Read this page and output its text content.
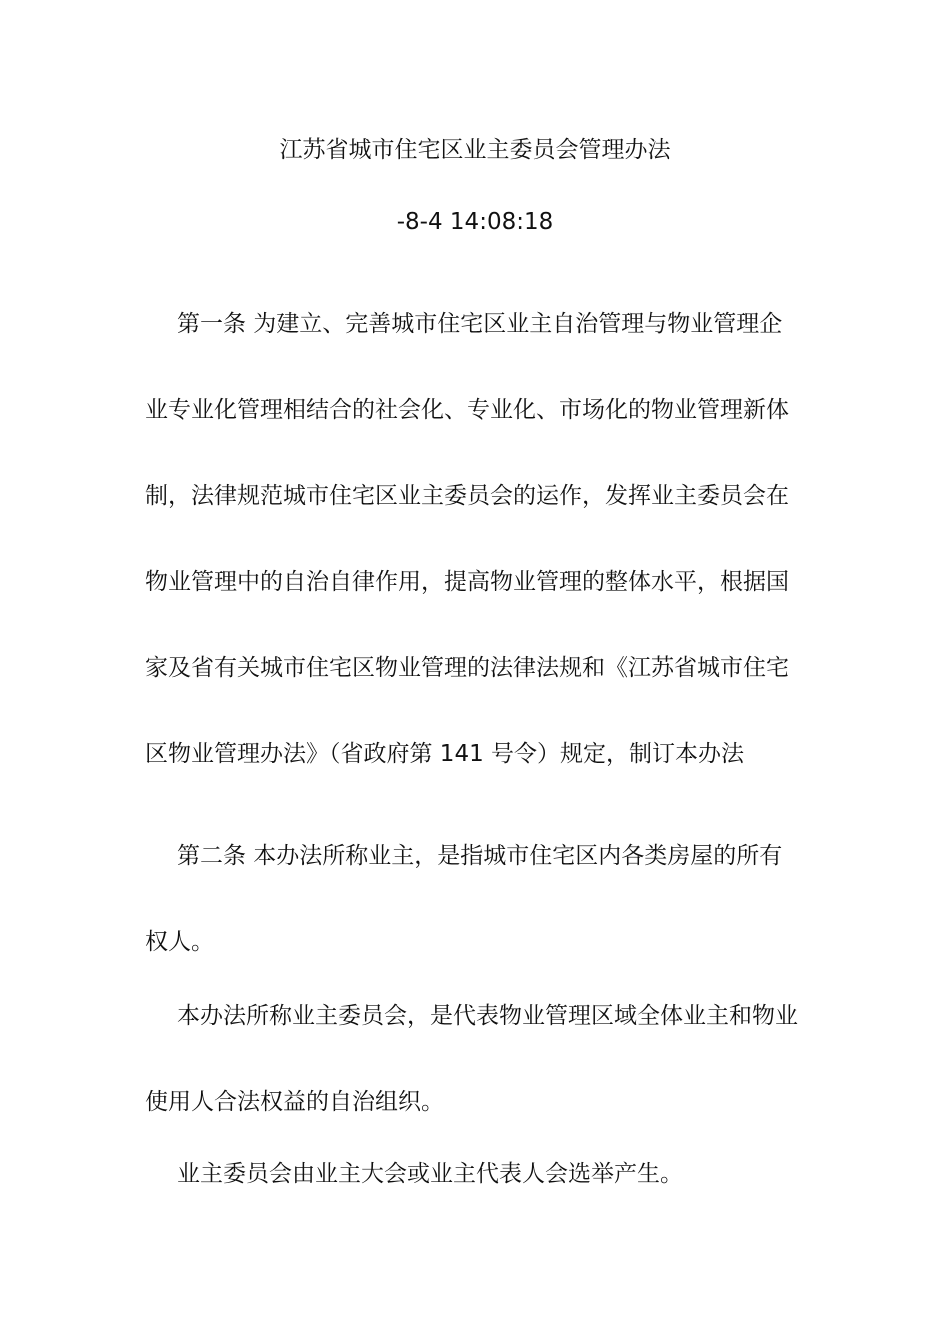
江苏省城市住宅区业主委员会管理办法
-8-4 14:08:18
第一条 为建立、完善城市住宅区业主自治管理与物业管理企
业专业化管理相结合的社会化、专业化、市场化的物业管理新体
制，法律规范城市住宅区业主委员会的运作，发挥业主委员会在
物业管理中的自治自律作用，提高物业管理的整体水平，根据国
家及省有关城市住宅区物业管理的法律法规和《江苏省城市住宅
区物业管理办法》（省政府第 141 号令）规定，制订本办法
第二条 本办法所称业主，是指城市住宅区内各类房屋的所有
权人。
本办法所称业主委员会，是代表物业管理区域全体业主和物业
使用人合法权益的自治组织。
业主委员会由业主大会或业主代表人会选举产生。
